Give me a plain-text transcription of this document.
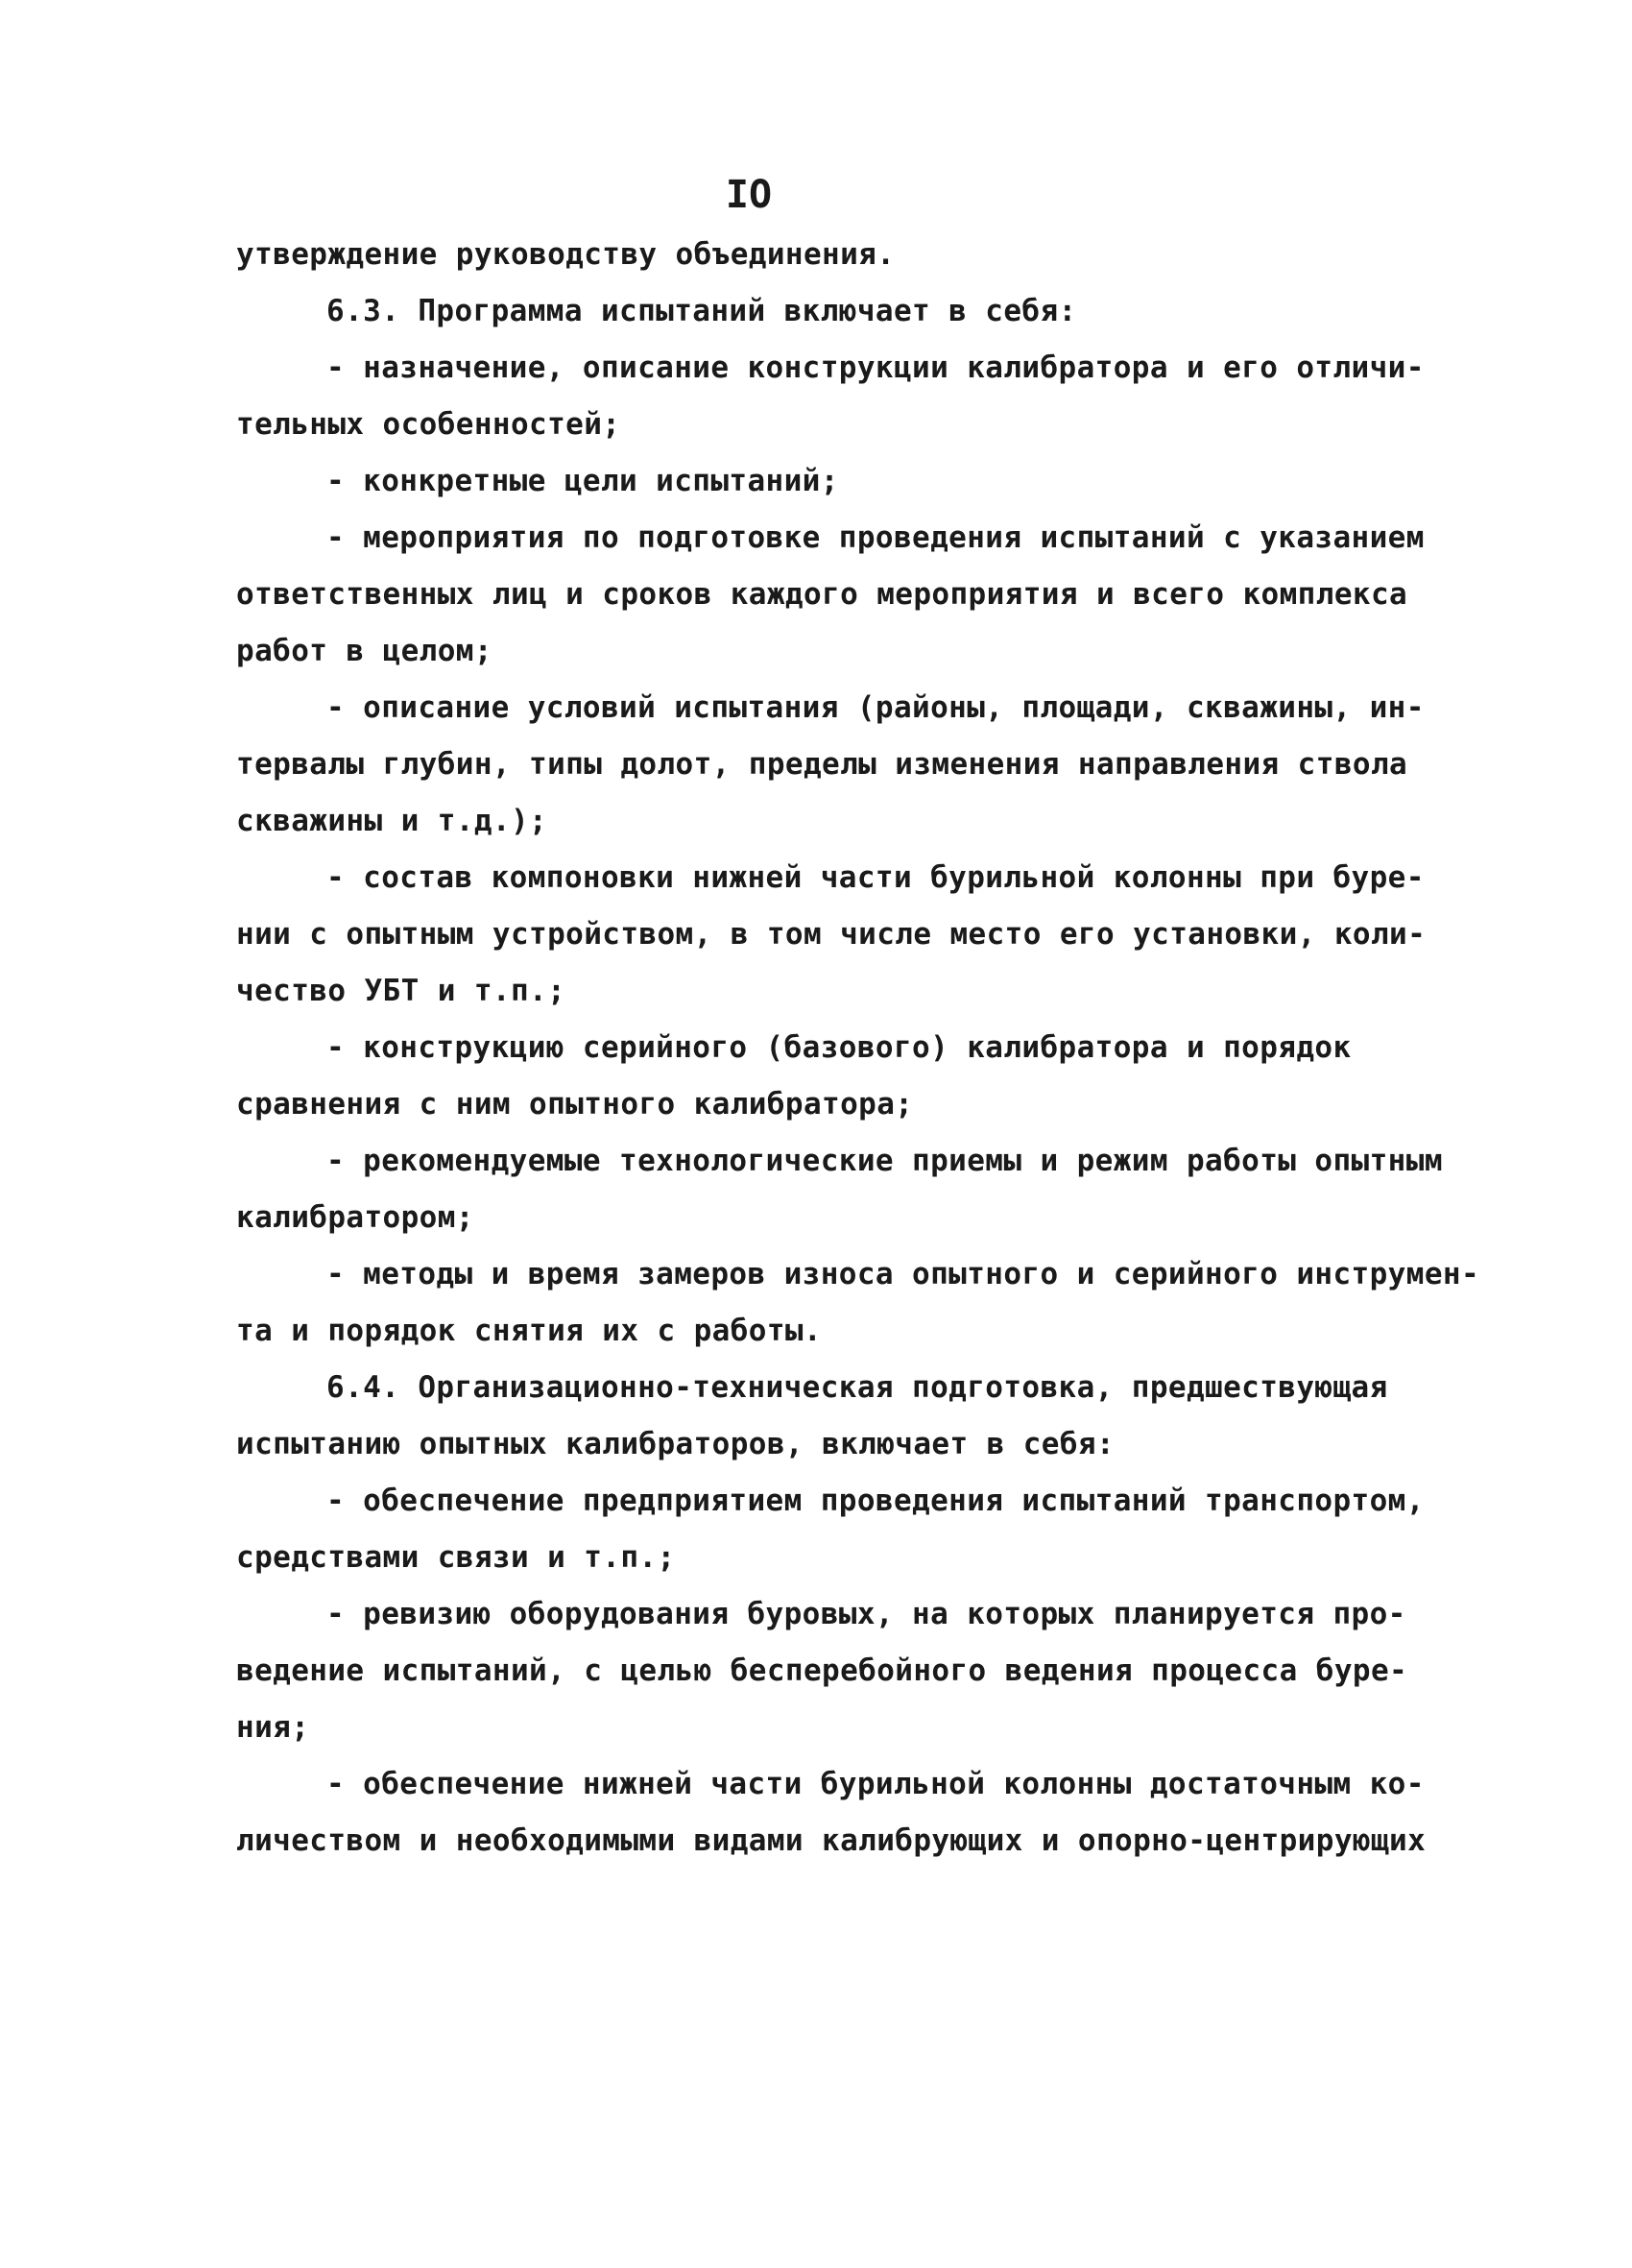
IO
утверждение руководству объединения.
6.3. Программа испытаний включает в себя:
- назначение, описание конструкции калибратора и его отличи-
тельных особенностей;
- конкретные цели испытаний;
- мероприятия по подготовке проведения испытаний с указанием
ответственных лиц и сроков каждого мероприятия и всего комплекса
работ в целом;
- описание условий испытания (районы, площади, скважины, ин-
тервалы глубин, типы долот, пределы изменения направления ствола
скважины и т.д.);
- состав компоновки нижней части бурильной колонны при буре-
нии с опытным устройством, в том числе место его установки, коли-
чество УБТ и т.п.;
- конструкцию серийного (базового) калибратора и порядок
сравнения с ним опытного калибратора;
- рекомендуемые технологические приемы и режим работы опытным
калибратором;
- методы и время замеров износа опытного и серийного инструмен-
та и порядок снятия их с работы.
6.4. Организационно-техническая подготовка, предшествующая
испытанию опытных калибраторов, включает в себя:
- обеспечение предприятием проведения испытаний транспортом,
средствами связи и т.п.;
- ревизию оборудования буровых, на которых планируется про-
ведение испытаний, с целью бесперебойного ведения процесса буре-
ния;
- обеспечение нижней части бурильной колонны достаточным ко-
личеством и необходимыми видами калибрующих и опорно-центрирующих
